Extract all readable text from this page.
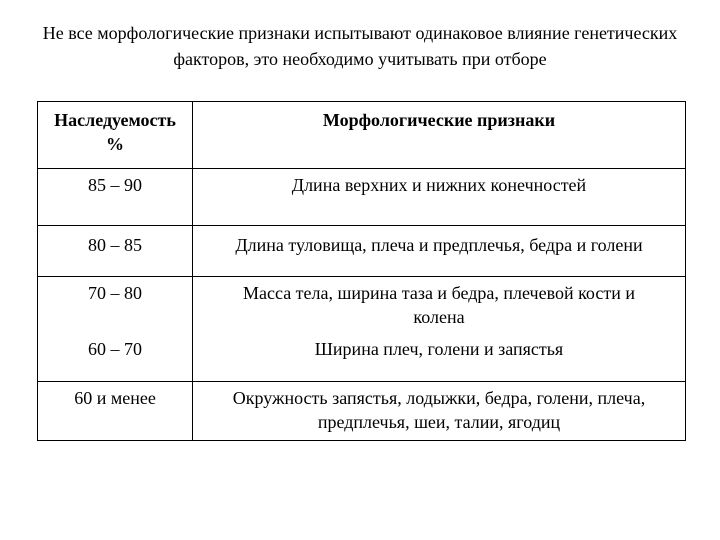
Не все морфологические признаки испытывают одинаковое влияние генетических
факторов, это необходимо учитывать при отборе
Наследуемость
%	Морфологические признаки
85 – 90	Длина верхних и нижних конечностей
80 – 85	Длина туловища, плеча и предплечья, бедра и голени
70 – 80	Масса тела, ширина таза и бедра, плечевой кости и
колена

60 – 70	Ширина плеч, голени и запястья
60 и менее	Окружность запястья, лодыжки, бедра, голени, плеча,
предплечья, шеи, талии, ягодиц
